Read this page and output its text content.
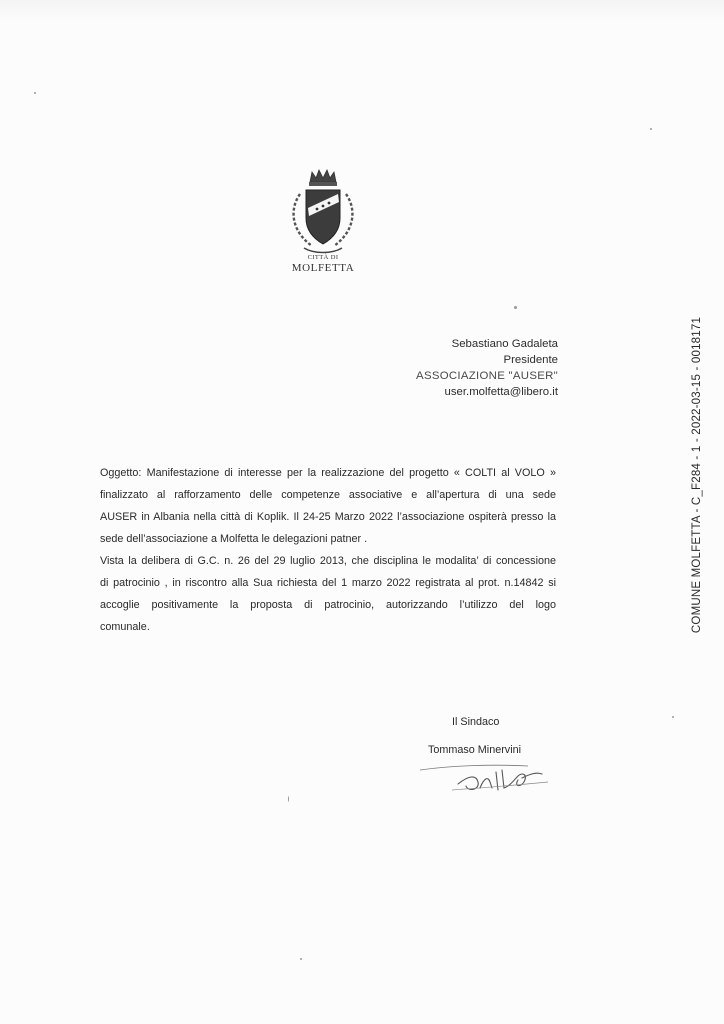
CITTÀ DI
MOLFETTA
Sebastiano Gadaleta
Presidente
ASSOCIAZIONE "AUSER"
user.molfetta@libero.it
Oggetto: Manifestazione di interesse per la realizzazione del progetto « COLTI al VOLO »
finalizzato al rafforzamento delle competenze associative e all’apertura di una sede
AUSER in Albania nella città di Koplik. Il 24-25 Marzo 2022 l’associazione ospiterà presso la
sede dell’associazione a Molfetta le delegazioni patner .
Vista la delibera di G.C. n. 26 del 29 luglio 2013, che disciplina le modalita’ di concessione
di patrocinio , in riscontro alla Sua richiesta del 1 marzo 2022 registrata al prot. n.14842 si
accoglie positivamente la proposta di patrocinio, autorizzando l’utilizzo del logo
comunale.
Il Sindaco
Tommaso Minervini
COMUNE MOLFETTA - C_F284 - 1 - 2022-03-15 - 0018171
